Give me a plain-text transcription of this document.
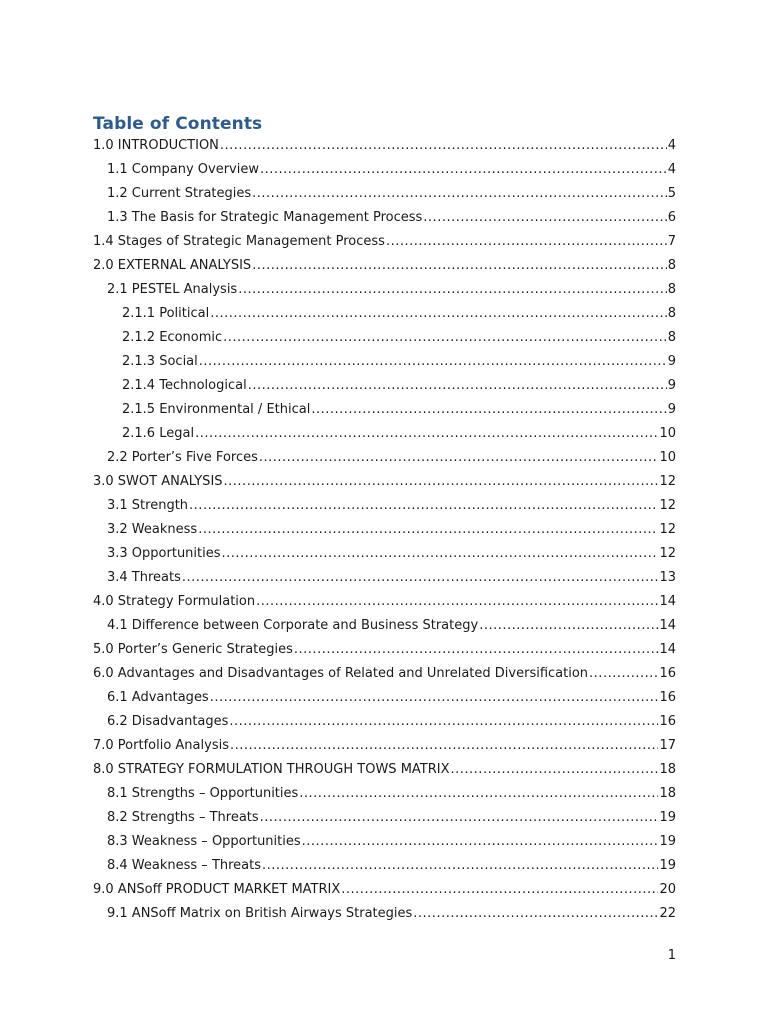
Table of Contents
1.0 INTRODUCTION .....	4
1.1 Company Overview .....	4
1.2 Current Strategies .....	5
1.3 The Basis for Strategic Management Process .....	6
1.4 Stages of Strategic Management Process .....	7
2.0 EXTERNAL ANALYSIS .....	8
2.1 PESTEL Analysis .....	8
2.1.1 Political .....	8
2.1.2 Economic .....	8
2.1.3 Social .....	9
2.1.4 Technological .....	9
2.1.5 Environmental / Ethical .....	9
2.1.6 Legal .....	10
2.2 Porter’s Five Forces .....	10
3.0 SWOT ANALYSIS .....	12
3.1 Strength .....	12
3.2 Weakness .....	12
3.3 Opportunities .....	12
3.4 Threats .....	13
4.0 Strategy Formulation .....	14
4.1 Difference between Corporate and Business Strategy .....	14
5.0 Porter’s Generic Strategies .....	14
6.0 Advantages and Disadvantages of Related and Unrelated Diversification .....	16
6.1 Advantages .....	16
6.2 Disadvantages .....	16
7.0 Portfolio Analysis .....	17
8.0 STRATEGY FORMULATION THROUGH TOWS MATRIX .....	18
8.1 Strengths – Opportunities .....	18
8.2 Strengths – Threats .....	19
8.3 Weakness – Opportunities .....	19
8.4 Weakness – Threats .....	19
9.0 ANSoff PRODUCT MARKET MATRIX .....	20
9.1 ANSoff Matrix on British Airways Strategies .....	22
1
